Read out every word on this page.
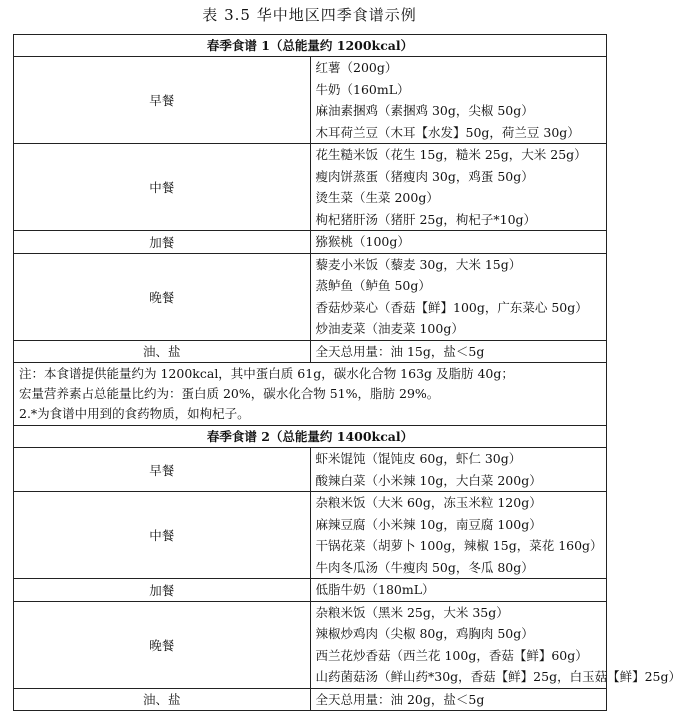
表 3.5 华中地区四季食谱示例
春季食谱 1（总能量约 1200kcal）	
早餐	红薯（200g）
牛奶（160mL）
麻油素捆鸡（素捆鸡 30g，尖椒 50g）
木耳荷兰豆（木耳【水发】50g，荷兰豆 30g）

中餐	花生糙米饭（花生 15g，糙米 25g，大米 25g）
瘦肉饼蒸蛋（猪瘦肉 30g，鸡蛋 50g）
烫生菜（生菜 200g）
枸杞猪肝汤（猪肝 25g，枸杞子*10g）

加餐	猕猴桃（100g）

晚餐	藜麦小米饭（藜麦 30g，大米 15g）
蒸鲈鱼（鲈鱼 50g）
香菇炒菜心（香菇【鲜】100g，广东菜心 50g）
炒油麦菜（油麦菜 100g）

油、盐	全天总用量：油 15g，盐＜5g

注：本食谱提供能量约为 1200kcal，其中蛋白质 61g，碳水化合物 163g 及脂肪 40g；
宏量营养素占总能量比约为：蛋白质 20%，碳水化合物 51%，脂肪 29%。
2.*为食谱中用到的食药物质，如枸杞子。	

春季食谱 2（总能量约 1400kcal）	
早餐	虾米馄饨（馄饨皮 60g，虾仁 30g）
酸辣白菜（小米辣 10g，大白菜 200g）

中餐	杂粮米饭（大米 60g，冻玉米粒 120g）
麻辣豆腐（小米辣 10g，南豆腐 100g）
干锅花菜（胡萝卜 100g，辣椒 15g，菜花 160g）
牛肉冬瓜汤（牛瘦肉 50g，冬瓜 80g）

加餐	低脂牛奶（180mL）

晚餐	杂粮米饭（黑米 25g，大米 35g）
辣椒炒鸡肉（尖椒 80g，鸡胸肉 50g）
西兰花炒香菇（西兰花 100g，香菇【鲜】60g）
山药菌菇汤（鲜山药*30g，香菇【鲜】25g，白玉菇【鲜】25g）

油、盐	全天总用量：油 20g，盐＜5g
